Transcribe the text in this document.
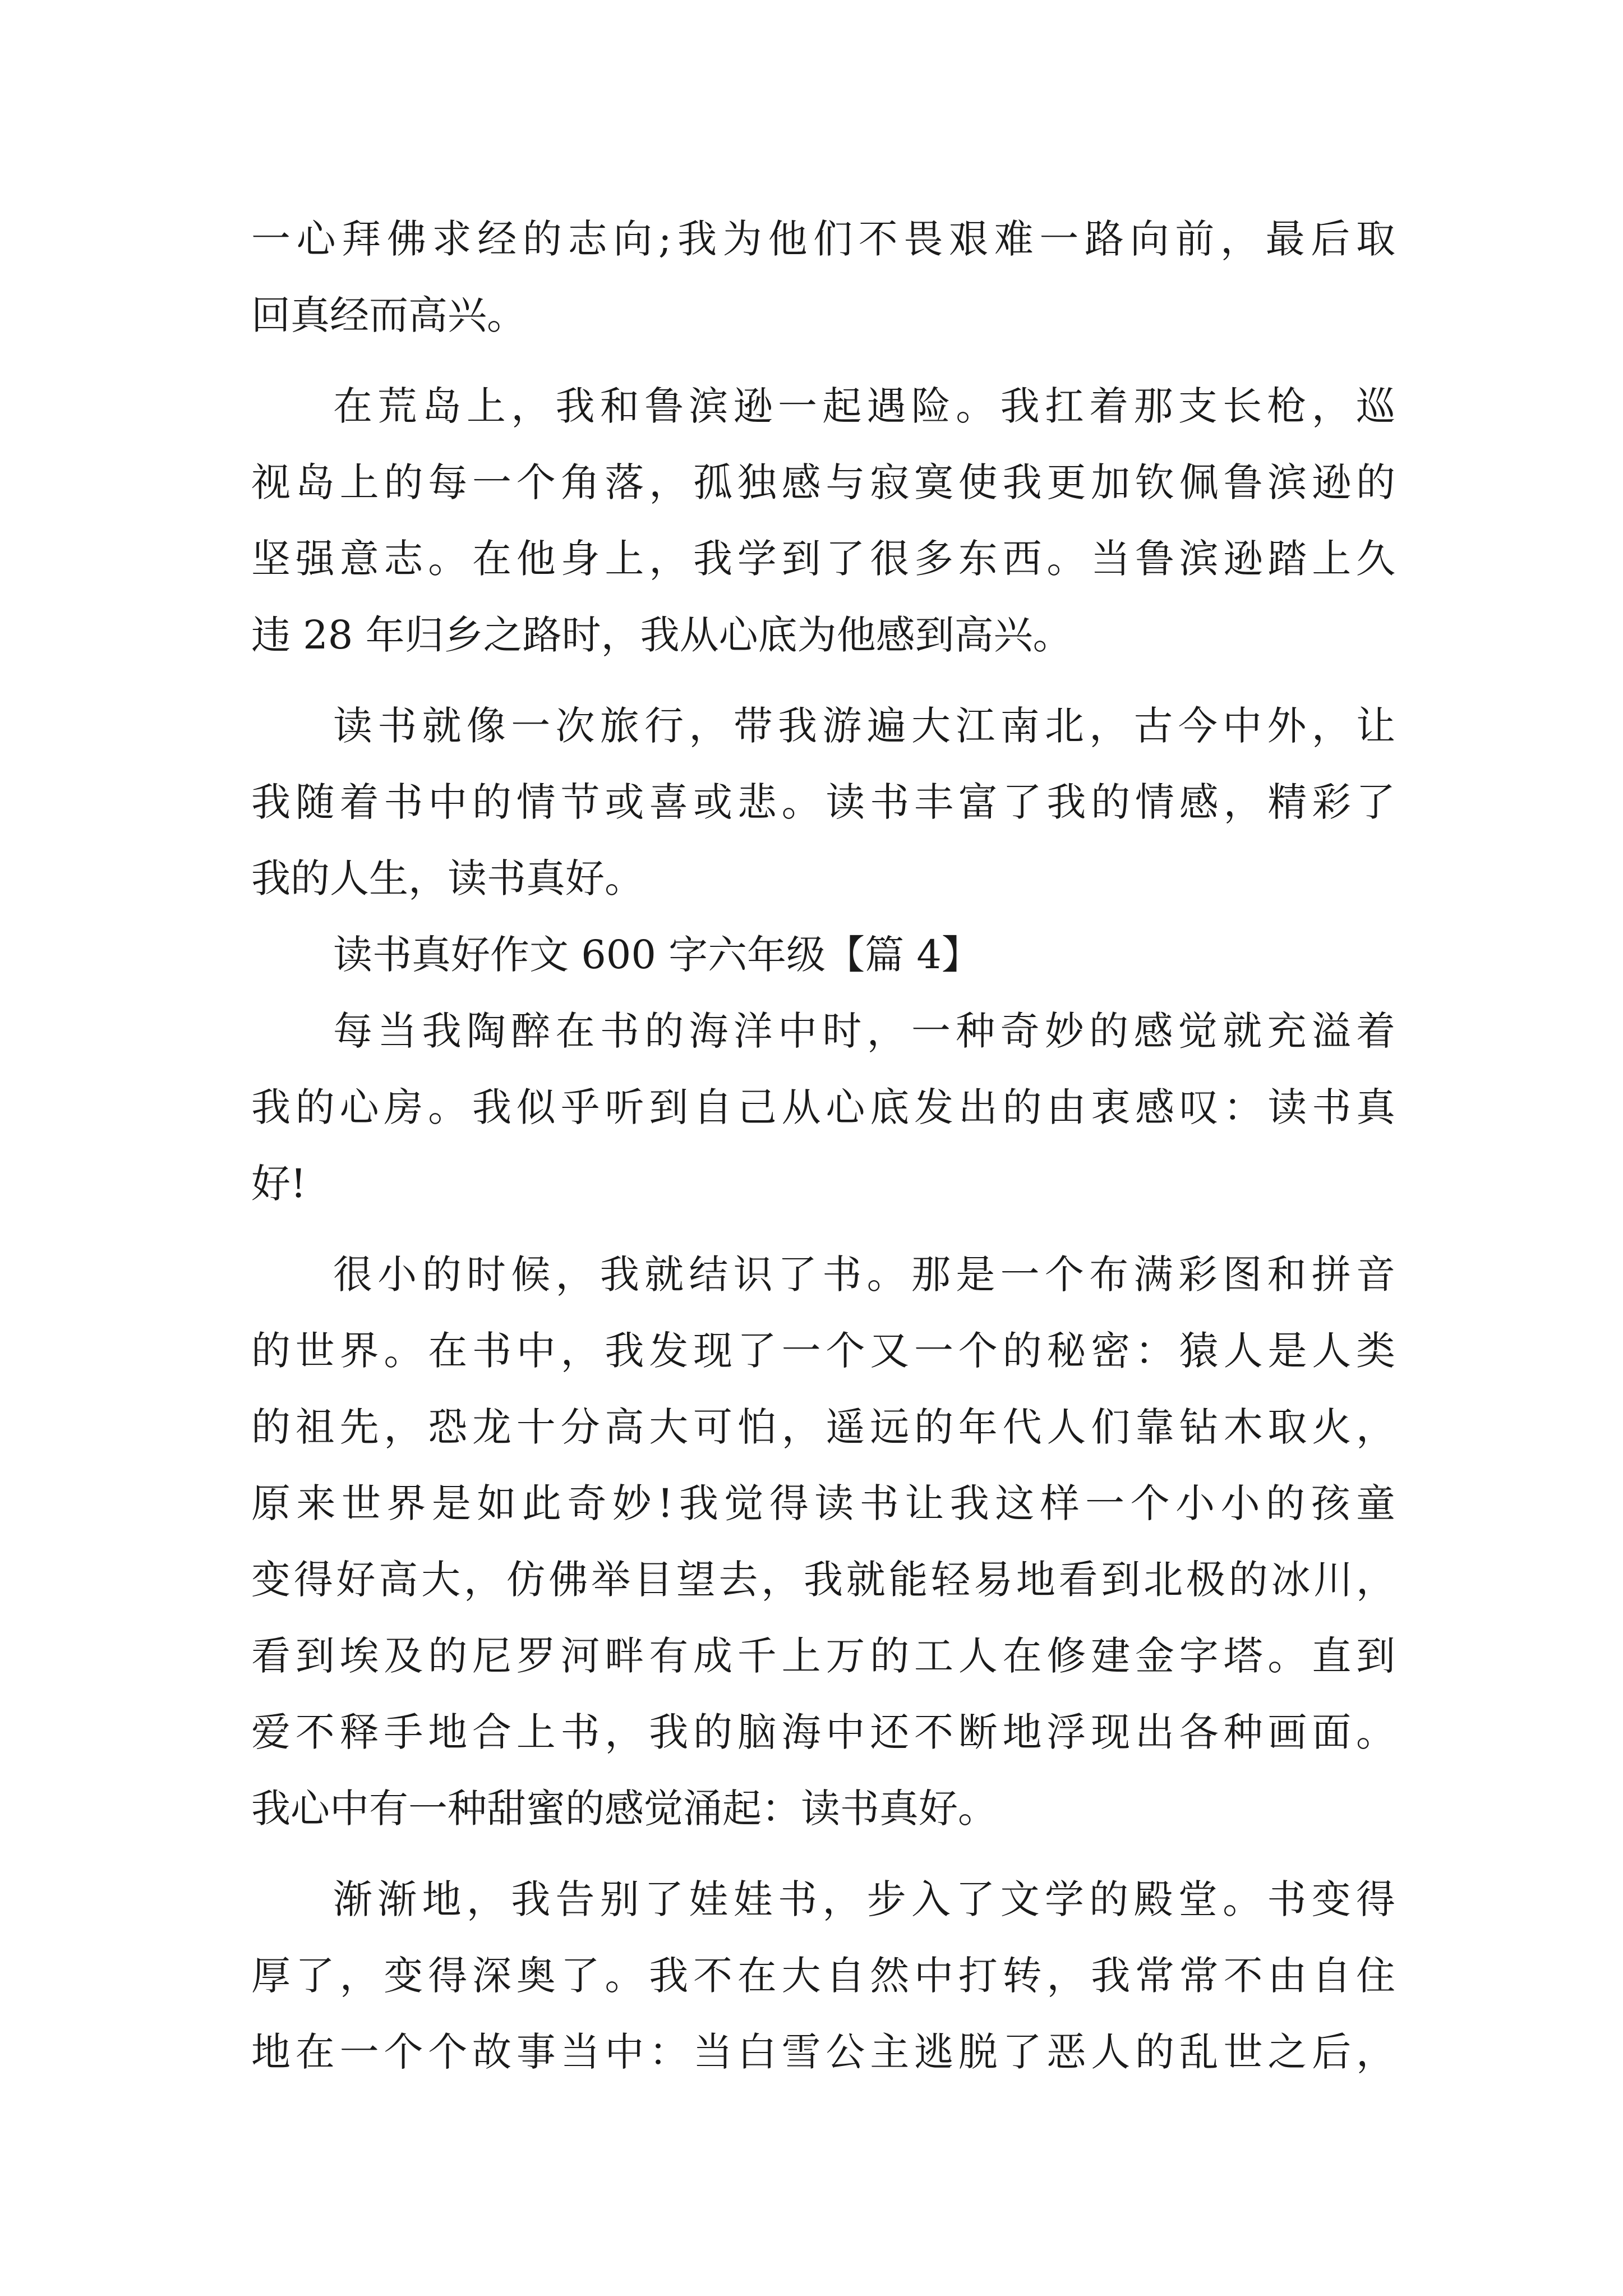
一心拜佛求经的志向;我为他们不畏艰难一路向前，最后取
回真经而高兴。
在荒岛上，我和鲁滨逊一起遇险。我扛着那支长枪，巡
视岛上的每一个角落，孤独感与寂寞使我更加钦佩鲁滨逊的
坚强意志。在他身上，我学到了很多东西。当鲁滨逊踏上久
违 28 年归乡之路时，我从心底为他感到高兴。
读书就像一次旅行，带我游遍大江南北，古今中外，让
我随着书中的情节或喜或悲。读书丰富了我的情感，精彩了
我的人生，读书真好。
读书真好作文 600 字六年级【篇 4】
每当我陶醉在书的海洋中时，一种奇妙的感觉就充溢着
我的心房。我似乎听到自己从心底发出的由衷感叹：读书真
好!
很小的时候，我就结识了书。那是一个布满彩图和拼音
的世界。在书中，我发现了一个又一个的秘密：猿人是人类
的祖先，恐龙十分高大可怕，遥远的年代人们靠钻木取火，
原来世界是如此奇妙!我觉得读书让我这样一个小小的孩童
变得好高大，仿佛举目望去，我就能轻易地看到北极的冰川，
看到埃及的尼罗河畔有成千上万的工人在修建金字塔。直到
爱不释手地合上书，我的脑海中还不断地浮现出各种画面。
我心中有一种甜蜜的感觉涌起：读书真好。
渐渐地，我告别了娃娃书，步入了文学的殿堂。书变得
厚了，变得深奥了。我不在大自然中打转，我常常不由自住
地在一个个故事当中：当白雪公主逃脱了恶人的乱世之后，
